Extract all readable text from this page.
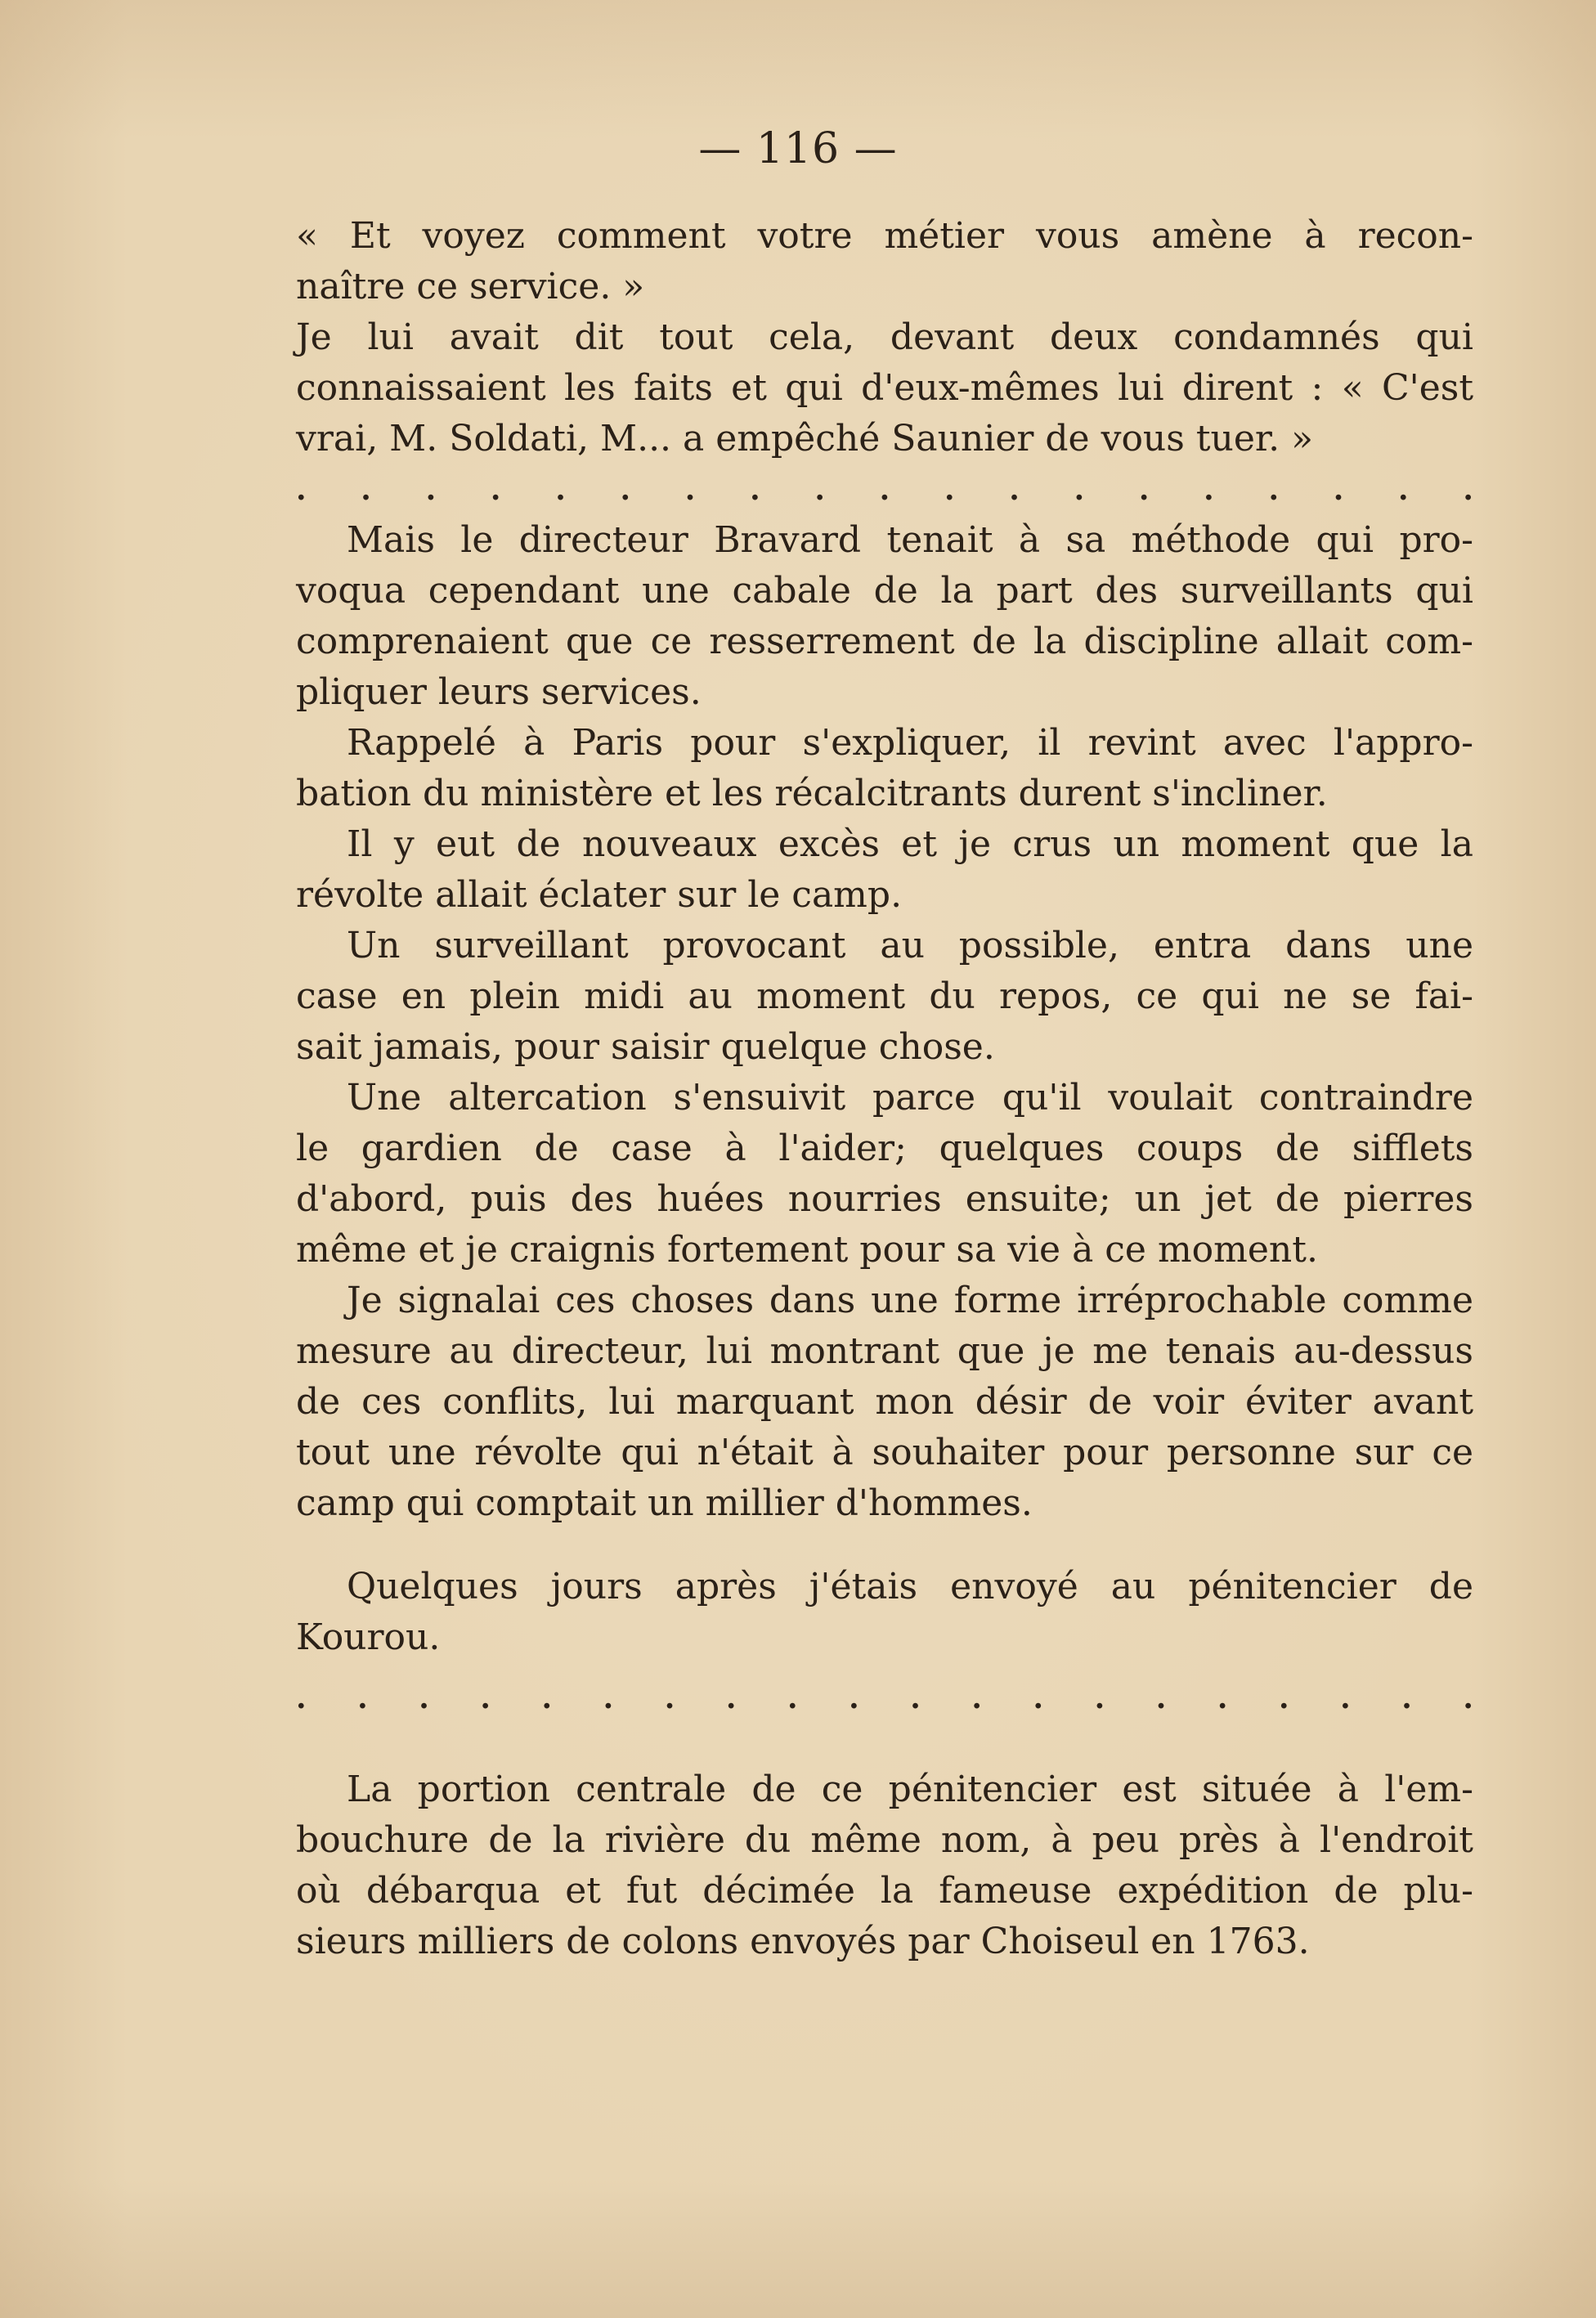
— 116 —
« Et voyez comment votre métier vous amène à recon-
naître ce service. »
Je lui avait dit tout cela, devant deux condamnés qui
connaissaient les faits et qui d'eux-mêmes lui dirent : « C'est
vrai, M. Soldati, M... a empêché Saunier de vous tuer. »
. . . . . . . . . . . . . . . . . . .
Mais le directeur Bravard tenait à sa méthode qui pro-
voqua cependant une cabale de la part des surveillants qui
comprenaient que ce resserrement de la discipline allait com-
pliquer leurs services.
Rappelé à Paris pour s'expliquer, il revint avec l'appro-
bation du ministère et les récalcitrants durent s'incliner.
Il y eut de nouveaux excès et je crus un moment que la
révolte allait éclater sur le camp.
Un surveillant provocant au possible, entra dans une
case en plein midi au moment du repos, ce qui ne se fai-
sait jamais, pour saisir quelque chose.
Une altercation s'ensuivit parce qu'il voulait contraindre
le gardien de case à l'aider; quelques coups de sifflets
d'abord, puis des huées nourries ensuite; un jet de pierres
même et je craignis fortement pour sa vie à ce moment.
Je signalai ces choses dans une forme irréprochable comme
mesure au directeur, lui montrant que je me tenais au-dessus
de ces conflits, lui marquant mon désir de voir éviter avant
tout une révolte qui n'était à souhaiter pour personne sur ce
camp qui comptait un millier d'hommes.
Quelques jours après j'étais envoyé au pénitencier de
Kourou.
. . . . . . . . . . . . . . . . . . . .
La portion centrale de ce pénitencier est située à l'em-
bouchure de la rivière du même nom, à peu près à l'endroit
où débarqua et fut décimée la fameuse expédition de plu-
sieurs milliers de colons envoyés par Choiseul en 1763.
